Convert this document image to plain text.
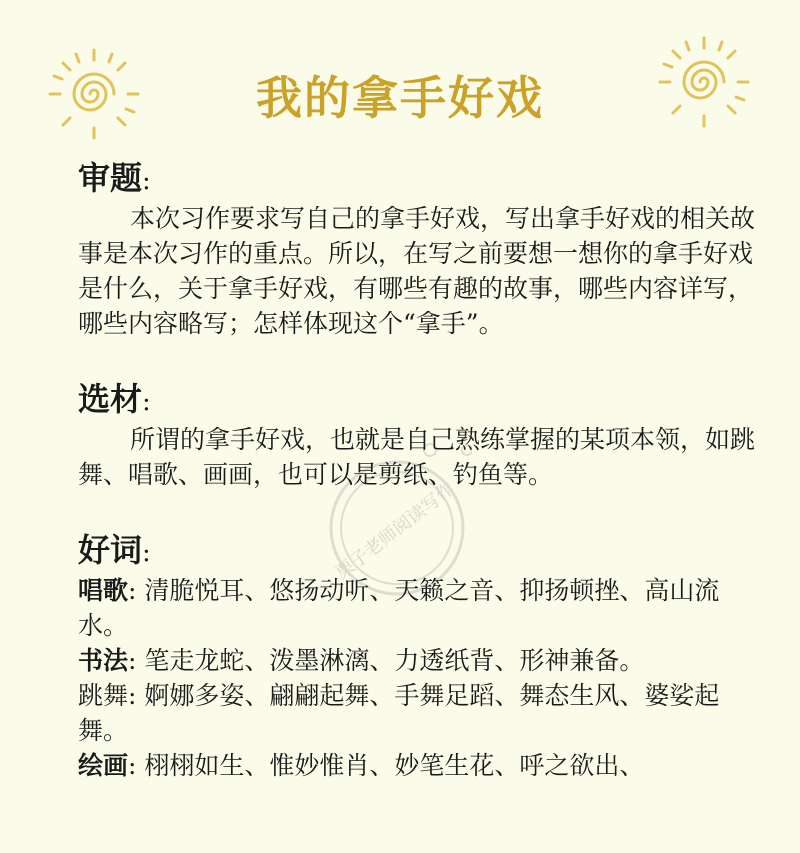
我的拿手好戏
栗子老师阅读写作
审题:

本次习作要求写自己的拿手好戏，写出拿手好戏的相关故事是本次习作的重点。所以，在写之前要想一想你的拿手好戏是什么，关于拿手好戏，有哪些有趣的故事，哪些内容详写，哪些内容略写；怎样体现这个“拿手”。

选材:

所谓的拿手好戏，也就是自己熟练掌握的某项本领，如跳舞、唱歌、画画，也可以是剪纸、钓鱼等。

好词:

唱歌: 清脆悦耳、悠扬动听、天籁之音、抑扬顿挫、高山流水。

书法: 笔走龙蛇、泼墨淋漓、力透纸背、形神兼备。

跳舞: 婀娜多姿、翩翩起舞、手舞足蹈、舞态生风、婆娑起舞。

绘画: 栩栩如生、惟妙惟肖、妙笔生花、呼之欲出、
